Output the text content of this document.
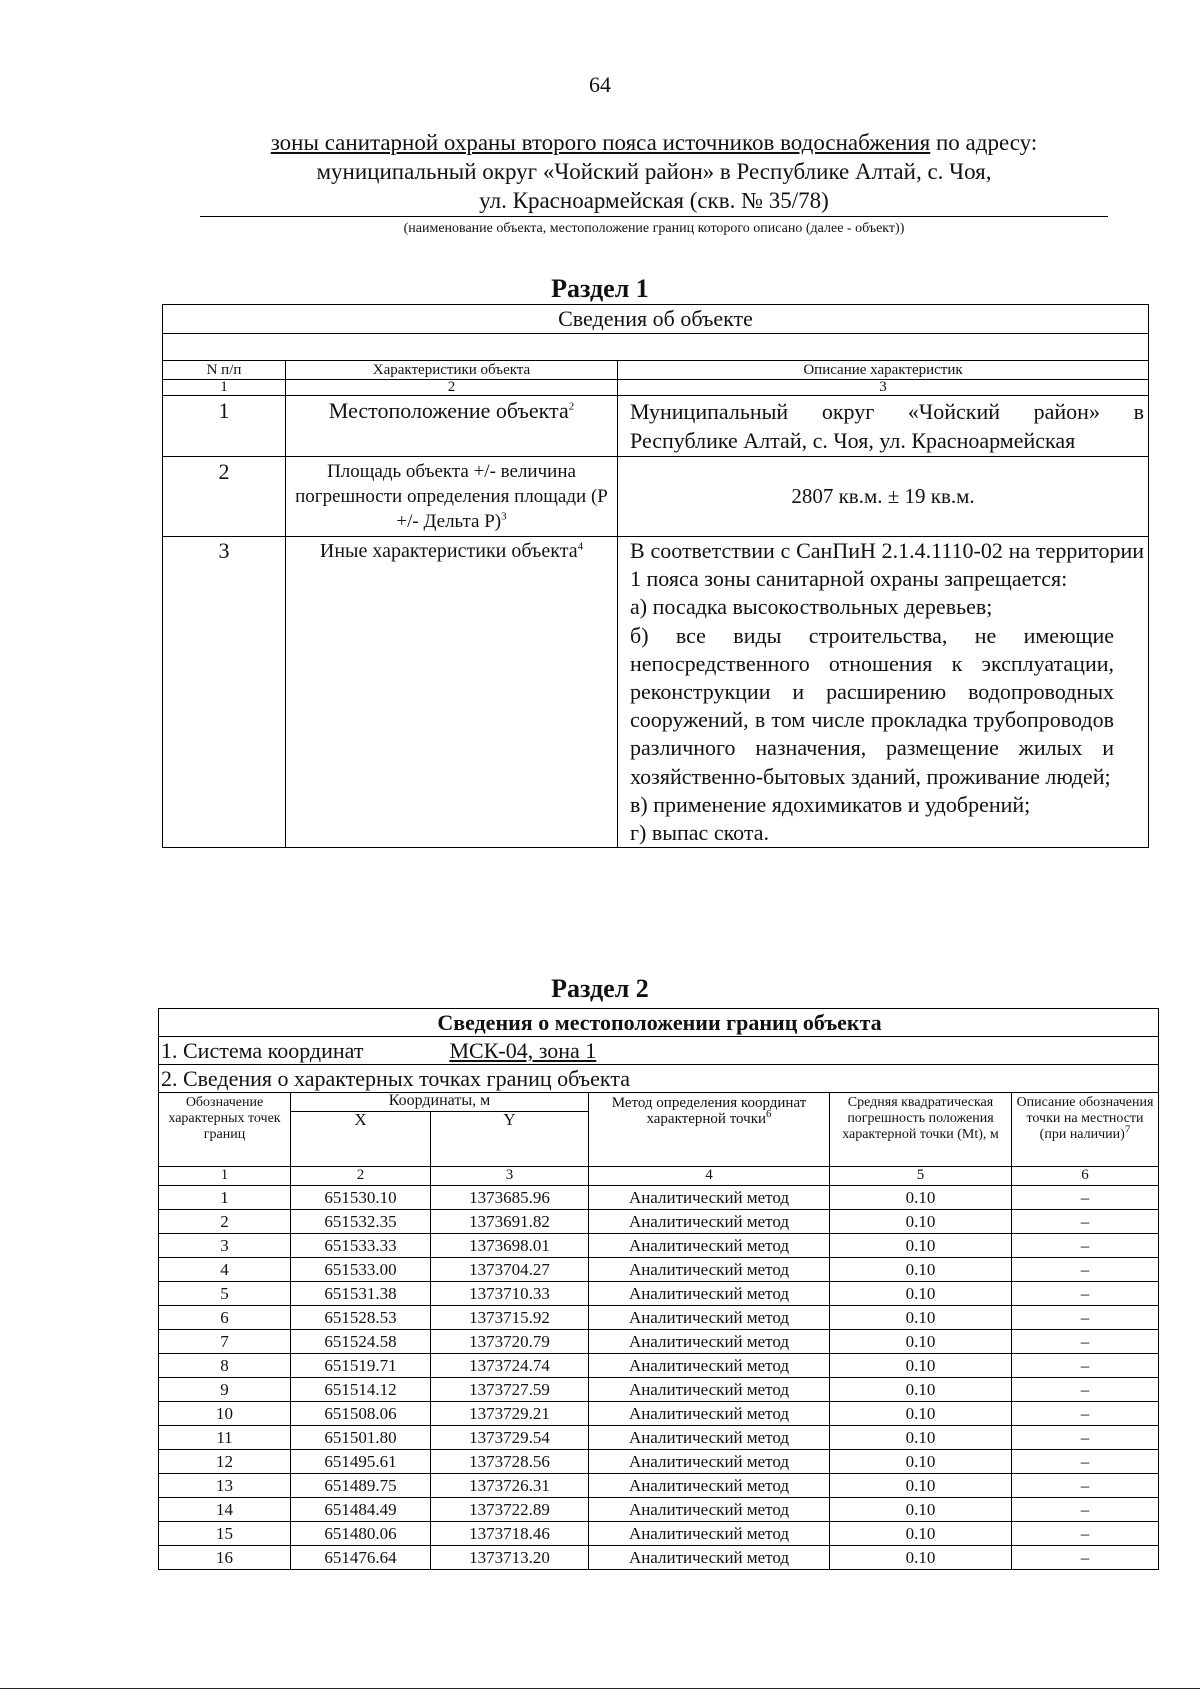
64
зоны санитарной охраны второго пояса источников водоснабжения по адресу:
муниципальный округ «Чойский район» в Республике Алтай, с. Чоя,
ул. Красноармейская (скв. № 35/78)
(наименование объекта, местоположение границ которого описано (далее - объект))
Раздел 1
Сведения об объекте		

N п/п	Характеристики объекта	Описание характеристик
1	2	3
1	Местоположение объекта$^2$	Муниципальный округ «Чойский район» в Республике Алтай, с. Чоя, ул. Красноармейская
2	Площадь объекта +/- величина погрешности определения площади (Р +/- Дельта Р)$^3$	2807 кв.м. ± 19 кв.м.
3	Иные характеристики объекта$^4$	В соответствии с СанПиН 2.1.4.1110-02 на территории 1 пояса зоны санитарной охраны запрещается:
а) посадка высокоствольных деревьев;
б) все виды строительства, не имеющие непосредственного отношения к эксплуатации, реконструкции и расширению водопроводных сооружений, в том числе прокладка трубопроводов различного назначения, размещение жилых и хозяйственно-бытовых зданий, проживание людей;
в) применение ядохимикатов и удобрений;
г) выпас скота.
Раздел 2
Сведения о местоположении границ объекта					
1. Система координат МСК-04, зона 1					
2. Сведения о характерных точках границ объекта					
Обозначение характерных точек границ	Координаты, м		Метод определения координат характерной точки$^6$	Средняя квадратическая погрешность положения характерной точки (Mt), м	Описание обозначения точки на местности (при наличии)$^7$
	X	Y			
1	2	3	4	5	6
1	651530.10	1373685.96	Аналитический метод	0.10	–
2	651532.35	1373691.82	Аналитический метод	0.10	–
3	651533.33	1373698.01	Аналитический метод	0.10	–
4	651533.00	1373704.27	Аналитический метод	0.10	–
5	651531.38	1373710.33	Аналитический метод	0.10	–
6	651528.53	1373715.92	Аналитический метод	0.10	–
7	651524.58	1373720.79	Аналитический метод	0.10	–
8	651519.71	1373724.74	Аналитический метод	0.10	–
9	651514.12	1373727.59	Аналитический метод	0.10	–
10	651508.06	1373729.21	Аналитический метод	0.10	–
11	651501.80	1373729.54	Аналитический метод	0.10	–
12	651495.61	1373728.56	Аналитический метод	0.10	–
13	651489.75	1373726.31	Аналитический метод	0.10	–
14	651484.49	1373722.89	Аналитический метод	0.10	–
15	651480.06	1373718.46	Аналитический метод	0.10	–
16	651476.64	1373713.20	Аналитический метод	0.10	–
